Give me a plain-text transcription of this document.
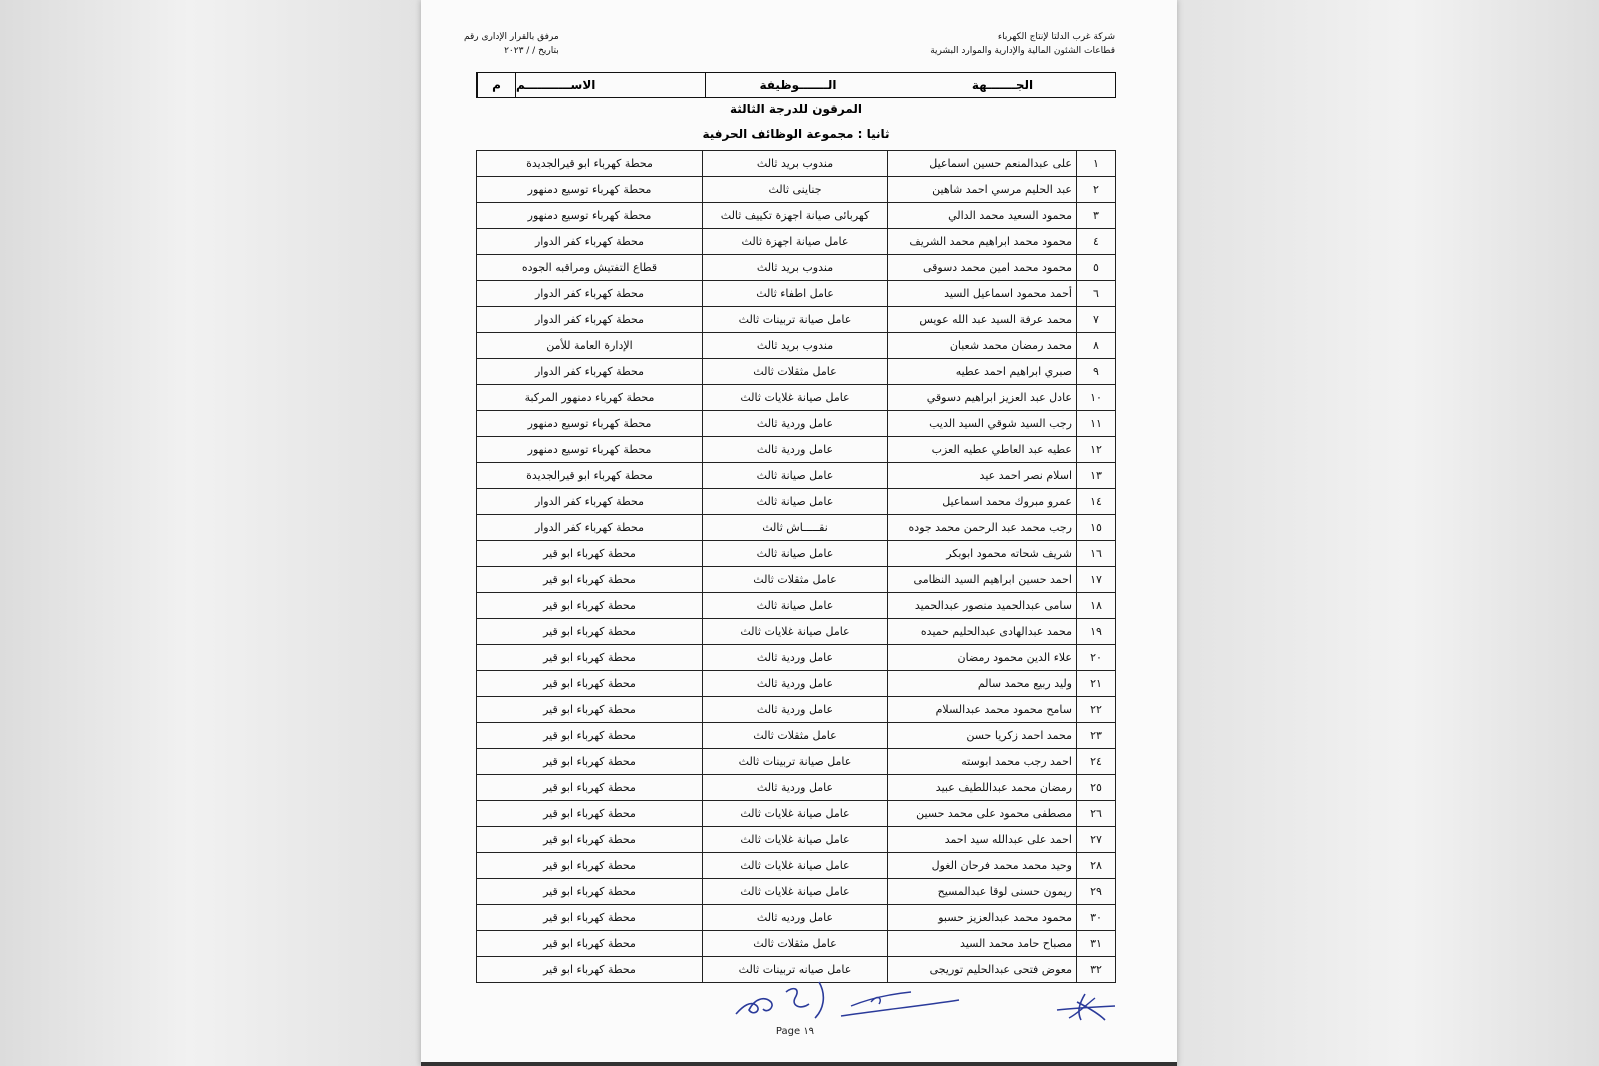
شركة غرب الدلتا لإنتاج الكهرباء
قطاعات الشئون المالية والإدارية والموارد البشرية
مرفق بالقرار الإدارى رقم
بتاريخ / / ٢٠٢٣
م	الاســـــــــــم	الـــــــوظيفة	الجـــــــهة
المرقون للدرجة الثالثة
ثانيا : مجموعة الوظائف الحرفية
١	على عبدالمنعم حسين اسماعيل	مندوب بريد ثالث	محطة كهرباء ابو قيرالجديدة
٢	عبد الحليم مرسي احمد شاهين	جناينى ثالث	محطة كهرباء توسيع دمنهور
٣	محمود السعيد محمد الدالي	كهربائى صيانة اجهزة تكييف ثالث	محطة كهرباء توسيع دمنهور
٤	محمود محمد ابراهيم محمد الشريف	عامل صيانة اجهزة ثالث	محطة كهرباء كفر الدوار
٥	محمود محمد امين محمد دسوقى	مندوب بريد ثالث	قطاع التفتيش ومراقبه الجوده
٦	أحمد محمود اسماعيل السيد	عامل اطفاء ثالث	محطة كهرباء كفر الدوار
٧	محمد عرفة السيد عبد الله عويس	عامل صيانة تربينات ثالث	محطة كهرباء كفر الدوار
٨	محمد رمضان محمد شعبان	مندوب بريد ثالث	الإدارة العامة للأمن
٩	صبري ابراهيم احمد عطيه	عامل مثقلات ثالث	محطة كهرباء كفر الدوار
١٠	عادل عبد العزيز ابراهيم دسوقي	عامل صيانة غلايات ثالث	محطة كهرباء دمنهور المركبة
١١	رجب السيد شوقي السيد الديب	عامل وردية ثالث	محطة كهرباء توسيع دمنهور
١٢	عطيه عبد العاطي عطيه العزب	عامل وردية ثالث	محطة كهرباء توسيع دمنهور
١٣	اسلام نصر احمد عيد	عامل صيانة ثالث	محطة كهرباء ابو قيرالجديدة
١٤	عمرو مبروك محمد اسماعيل	عامل صيانة ثالث	محطة كهرباء كفر الدوار
١٥	رجب محمد عبد الرحمن محمد جوده	نقـــــاش ثالث	محطة كهرباء كفر الدوار
١٦	شريف شحاته محمود ابوبكر	عامل صيانة ثالث	محطة كهرباء ابو قير
١٧	احمد حسين ابراهيم السيد النظامى	عامل مثقلات ثالث	محطة كهرباء ابو قير
١٨	سامى عبدالحميد منصور عبدالحميد	عامل صيانة ثالث	محطة كهرباء ابو قير
١٩	محمد عبدالهادى عبدالحليم حميده	عامل صيانة غلايات ثالث	محطة كهرباء ابو قير
٢٠	علاء الدين محمود رمضان	عامل وردية ثالث	محطة كهرباء ابو قير
٢١	وليد ربيع محمد سالم	عامل وردية ثالث	محطة كهرباء ابو قير
٢٢	سامح محمود محمد عبدالسلام	عامل وردية ثالث	محطة كهرباء ابو قير
٢٣	محمد احمد زكريا حسن	عامل مثقلات ثالث	محطة كهرباء ابو قير
٢٤	احمد رجب محمد ابوسته	عامل صيانة تربينات ثالث	محطة كهرباء ابو قير
٢٥	رمضان محمد عبداللطيف عبيد	عامل وردية ثالث	محطة كهرباء ابو قير
٢٦	مصطفى محمود على محمد حسين	عامل صيانة غلايات ثالث	محطة كهرباء ابو قير
٢٧	احمد على عبدالله سيد احمد	عامل صيانة غلايات ثالث	محطة كهرباء ابو قير
٢٨	وحيد محمد محمد فرحان الغول	عامل صيانة غلايات ثالث	محطة كهرباء ابو قير
٢٩	ريمون حسنى لوقا عبدالمسيح	عامل صيانة غلايات ثالث	محطة كهرباء ابو قير
٣٠	محمود محمد عبدالعزيز حسبو	عامل ورديه ثالث	محطة كهرباء ابو قير
٣١	مصباح حامد محمد السيد	عامل مثقلات ثالث	محطة كهرباء ابو قير
٣٢	معوض فتحى عبدالحليم توريجى	عامل صيانه تربينات ثالث	محطة كهرباء ابو قير
Page ١٩
